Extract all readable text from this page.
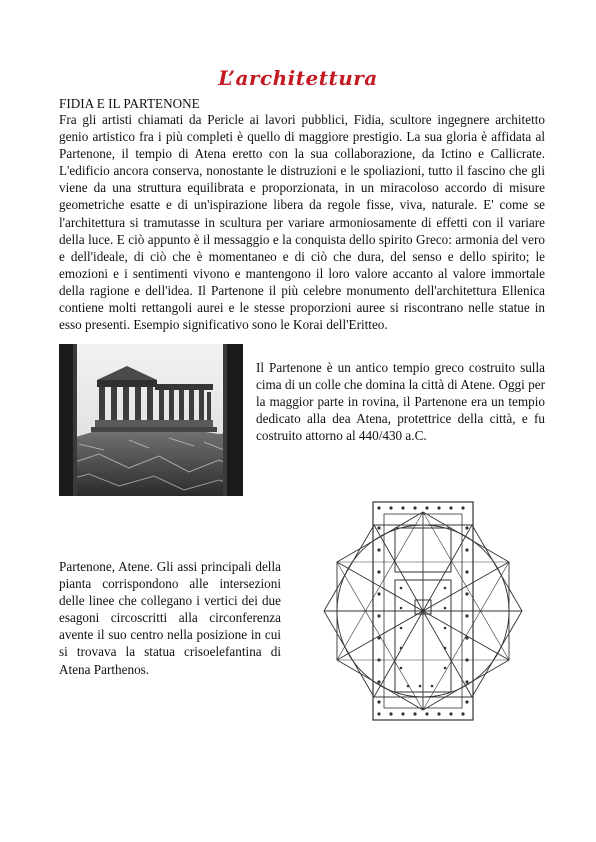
L’architettura
FIDIA E IL PARTENONE

Fra gli artisti chiamati da Pericle ai lavori pubblici, Fidia, scultore ingegnere architetto genio artistico fra i più completi è quello di maggiore prestigio. La sua gloria è affidata al Partenone, il tempio di Atena eretto con la sua collaborazione, da Ictino e Callicrate. L'edificio ancora conserva, nonostante le distruzioni e le spoliazioni, tutto il fascino che gli viene da una struttura equilibrata e proporzionata, in un miracoloso accordo di misure geometriche esatte e di un'ispirazione libera da regole fisse, viva, naturale. E' come se l'architettura si tramutasse in scultura per variare armoniosamente di effetti con il variare della luce. E ciò appunto è il messaggio e la conquista dello spirito Greco: armonia del vero e dell'ideale, di ciò che è momentaneo e di ciò che dura, del senso e dello spirito; le emozioni e i sentimenti vivono e mantengono il loro valore accanto al valore immortale della ragione e dell'idea. Il Partenone il più celebre monumento dell'architettura Ellenica contiene molti rettangoli aurei e le stesse proporzioni auree si riscontrano nelle statue in esso presenti. Esempio significativo sono le Korai dell'Eritteo.

Il Partenone è un antico tempio greco costruito sulla cima di un colle che domina la città di Atene. Oggi per la maggior parte in rovina, il Partenone era un tempio dedicato alla dea Atena, protettrice della città, e fu costruito attorno al 440/430 a.C.

Partenone, Atene. Gli assi principali della pianta corrispondono alle intersezioni delle linee che collegano i vertici dei due esagoni circoscritti alla circonferenza avente il suo centro nella posizione in cui si trovava la statua crisoelefantina di Atena Parthenos.
